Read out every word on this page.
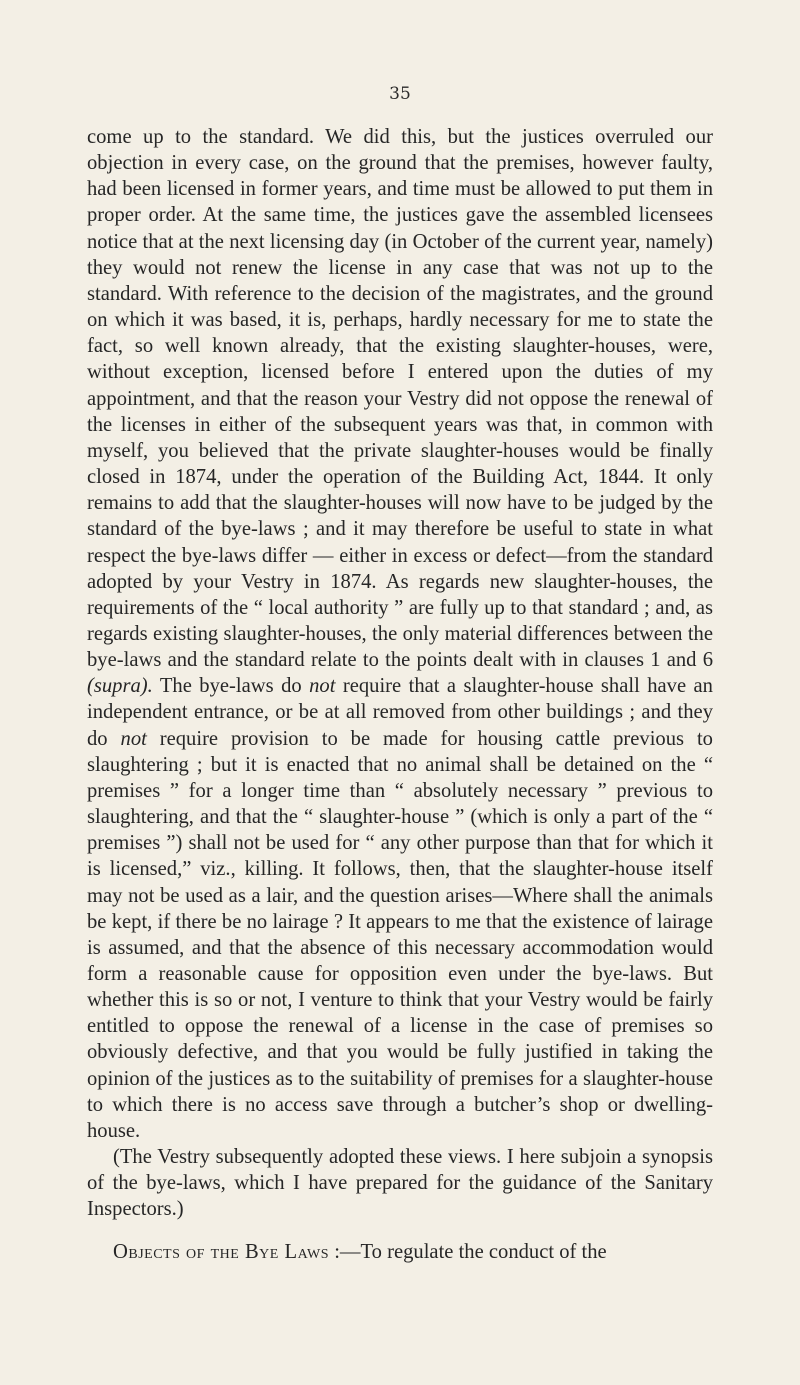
35

come up to the standard. We did this, but the justices overruled our objection in every case, on the ground that the premises, however faulty, had been licensed in former years, and time must be allowed to put them in proper order. At the same time, the justices gave the assembled licensees notice that at the next licensing day (in October of the current year, namely) they would not renew the license in any case that was not up to the standard. With reference to the decision of the magistrates, and the ground on which it was based, it is, perhaps, hardly necessary for me to state the fact, so well known already, that the existing slaughter-houses, were, without exception, licensed before I entered upon the duties of my appointment, and that the reason your Vestry did not oppose the renewal of the licenses in either of the subsequent years was that, in common with myself, you believed that the private slaughter-houses would be finally closed in 1874, under the operation of the Building Act, 1844. It only remains to add that the slaughter-houses will now have to be judged by the standard of the bye-laws ; and it may therefore be useful to state in what respect the bye-laws differ — either in excess or defect—from the standard adopted by your Vestry in 1874. As regards new slaughter-houses, the requirements of the “ local authority ” are fully up to that standard ; and, as regards existing slaughter-houses, the only material differences between the bye-laws and the standard relate to the points dealt with in clauses 1 and 6 (supra). The bye-laws do not require that a slaughter-house shall have an independent entrance, or be at all removed from other buildings ; and they do not require provision to be made for housing cattle previous to slaughtering ; but it is enacted that no animal shall be detained on the “ premises ” for a longer time than “ absolutely necessary ” previous to slaughtering, and that the “ slaughter-house ” (which is only a part of the “ premises ”) shall not be used for “ any other purpose than that for which it is licensed,” viz., killing. It follows, then, that the slaughter-house itself may not be used as a lair, and the question arises—Where shall the animals be kept, if there be no lairage ? It appears to me that the existence of lairage is assumed, and that the absence of this necessary accommodation would form a reasonable cause for opposition even under the bye-laws. But whether this is so or not, I venture to think that your Vestry would be fairly entitled to oppose the renewal of a license in the case of premises so obviously defective, and that you would be fully justified in taking the opinion of the justices as to the suitability of premises for a slaughter-house to which there is no access save through a butcher’s shop or dwelling-house.

(The Vestry subsequently adopted these views. I here subjoin a synopsis of the bye-laws, which I have prepared for the guidance of the Sanitary Inspectors.)

Objects of the Bye Laws :—To regulate the conduct of the
